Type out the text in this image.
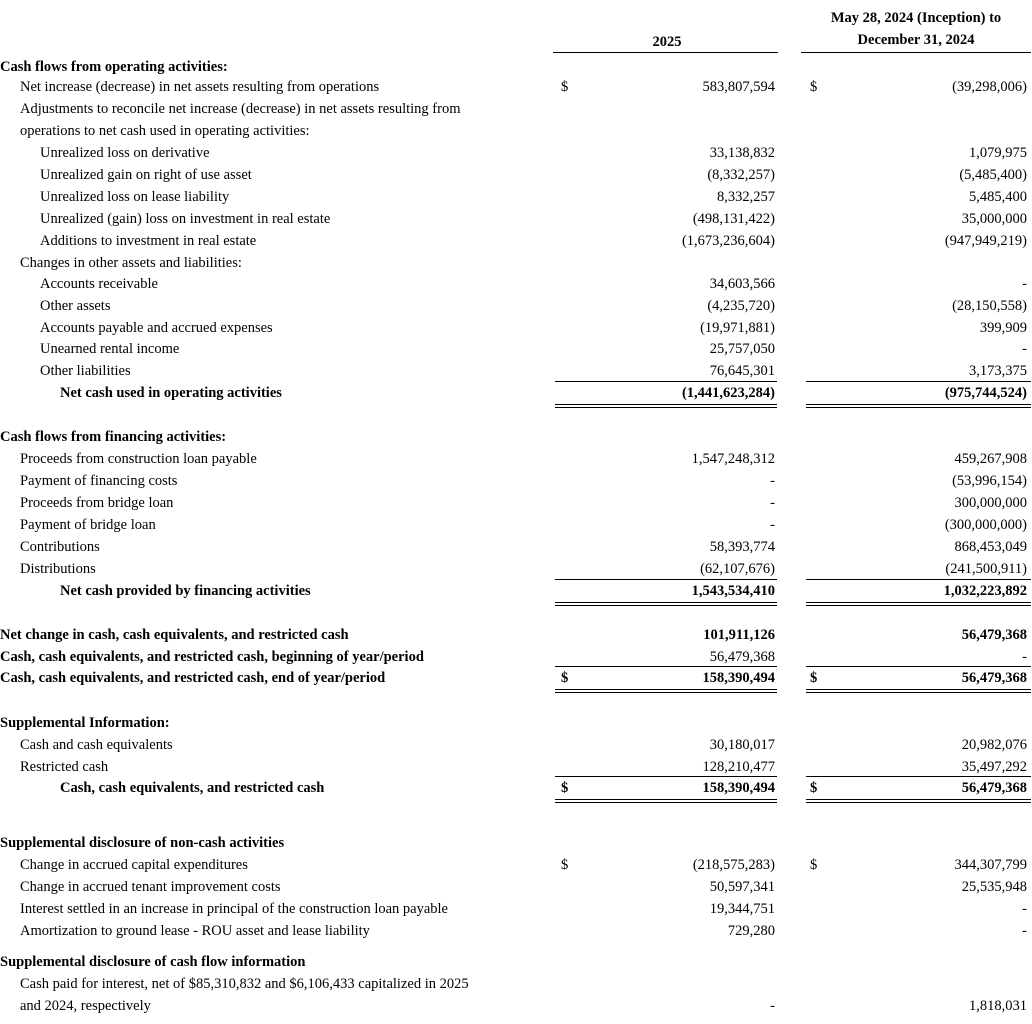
2025
May 28, 2024 (Inception) to
December 31, 2024
Cash flows from operating activities:
Net increase (decrease) in net assets resulting from operations	$	583,807,594 $	(39,298,006)
Adjustments to reconcile net increase (decrease) in net assets resulting from
operations to net cash used in operating activities:
Unrealized loss on derivative	33,138,832	1,079,975
Unrealized gain on right of use asset	(8,332,257)	(5,485,400)
Unrealized loss on lease liability	8,332,257	5,485,400
Unrealized (gain) loss on investment in real estate	(498,131,422)	35,000,000
Additions to investment in real estate	(1,673,236,604)	(947,949,219)
Changes in other assets and liabilities:
Accounts receivable	34,603,566	-
Other assets	(4,235,720)	(28,150,558)
Accounts payable and accrued expenses	(19,971,881)	399,909
Unearned rental income	25,757,050	-
Other liabilities	76,645,301	3,173,375
Net cash used in operating activities	(1,441,623,284)	(975,744,524)
Cash flows from financing activities:
Proceeds from construction loan payable	1,547,248,312	459,267,908
Payment of financing costs	-	(53,996,154)
Proceeds from bridge loan	-	300,000,000
Payment of bridge loan	-	(300,000,000)
Contributions	58,393,774	868,453,049
Distributions	(62,107,676)	(241,500,911)
Net cash provided by financing activities	1,543,534,410	1,032,223,892
Net change in cash, cash equivalents, and restricted cash	101,911,126	56,479,368
Cash, cash equivalents, and restricted cash, beginning of year/period	56,479,368	-
Cash, cash equivalents, and restricted cash, end of year/period	$	158,390,494 $	56,479,368
Supplemental Information:
Cash and cash equivalents	30,180,017	20,982,076
Restricted cash	128,210,477	35,497,292
Cash, cash equivalents, and restricted cash	$	158,390,494 $	56,479,368
Supplemental disclosure of non-cash activities
Change in accrued capital expenditures	$	(218,575,283) $	344,307,799
Change in accrued tenant improvement costs	50,597,341	25,535,948
Interest settled in an increase in principal of the construction loan payable	19,344,751	-
Amortization to ground lease - ROU asset and lease liability	729,280	-
Supplemental disclosure of cash flow information
Cash paid for interest, net of $85,310,832 and $6,106,433 capitalized in 2025
and 2024, respectively	-	1,818,031
